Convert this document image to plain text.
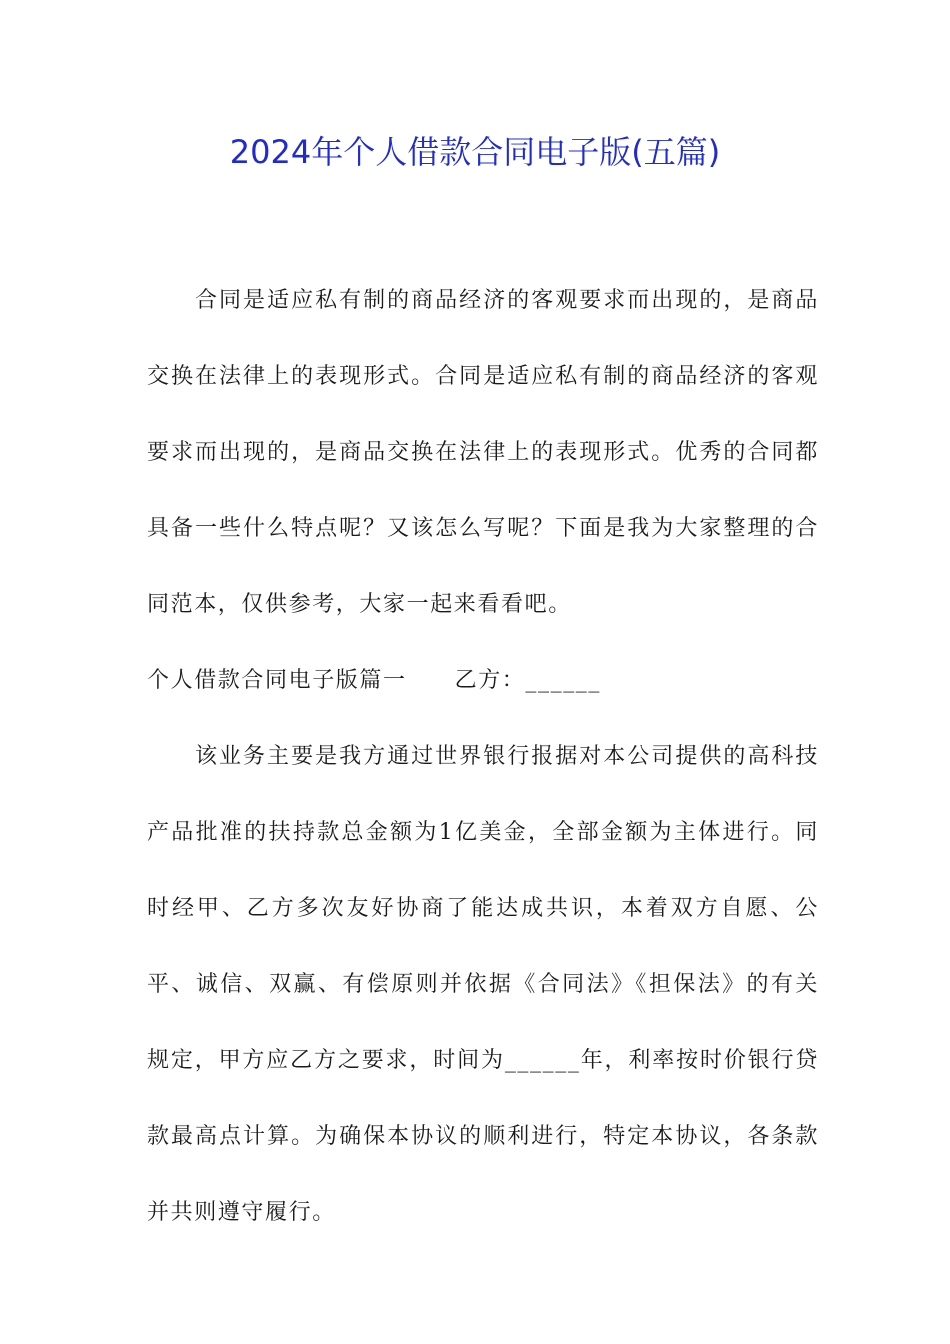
2024年个人借款合同电子版(五篇)

合同是适应私有制的商品经济的客观要求而出现的，是商品交换在法律上的表现形式。合同是适应私有制的商品经济的客观要求而出现的，是商品交换在法律上的表现形式。优秀的合同都具备一些什么特点呢？又该怎么写呢？下面是我为大家整理的合同范本，仅供参考，大家一起来看看吧。

个人借款合同电子版篇一 乙方：______

该业务主要是我方通过世界银行报据对本公司提供的高科技产品批准的扶持款总金额为1亿美金，全部金额为主体进行。同时经甲、乙方多次友好协商了能达成共识，本着双方自愿、公平、诚信、双赢、有偿原则并依据《合同法》《担保法》的有关规定，甲方应乙方之要求，时间为______年，利率按时价银行贷款最高点计算。为确保本协议的顺利进行，特定本协议，各条款并共则遵守履行。
